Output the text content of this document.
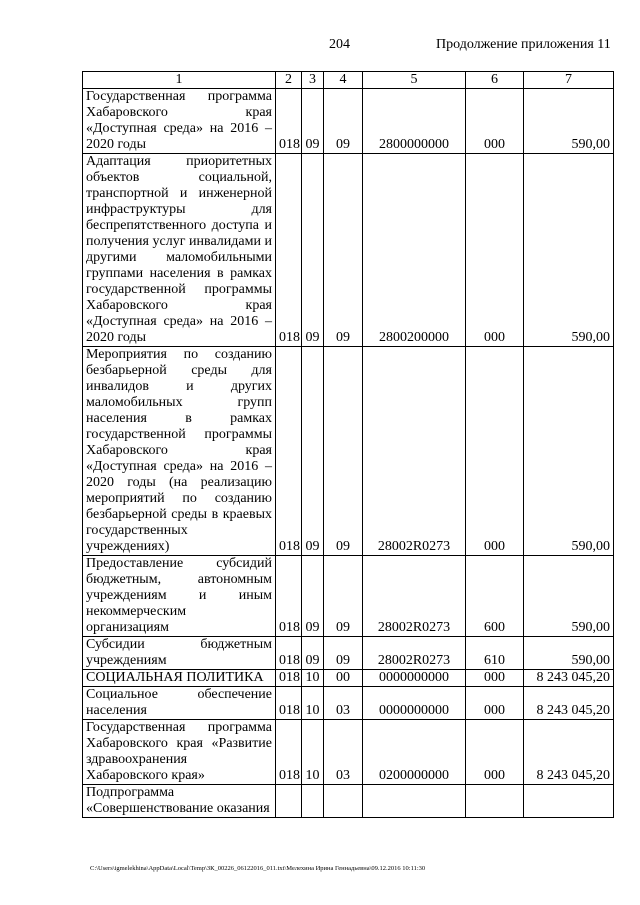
204	Продолжение приложения 11
1	2	3	4	5	6	7
Государственная программа Хабаровского края «Доступная среда» на 2016 – 2020 годы	018	09	09	2800000000	000	590,00
Адаптация приоритетных объектов социальной, транспортной и инженерной инфраструктуры для беспрепятственного доступа и получения услуг инвалидами и другими маломобильными группами населения в рамках государственной программы Хабаровского края «Доступная среда» на 2016 – 2020 годы	018	09	09	2800200000	000	590,00
Мероприятия по созданию безбарьерной среды для инвалидов и других маломобильных групп населения в рамках государственной программы Хабаровского края «Доступная среда» на 2016 – 2020 годы (на реализацию мероприятий по созданию безбарьерной среды в краевых государственных учреждениях)	018	09	09	28002R0273	000	590,00
Предоставление субсидий бюджетным, автономным учреждениям и иным некоммерческим организациям	018	09	09	28002R0273	600	590,00
Субсидии бюджетным учреждениям	018	09	09	28002R0273	610	590,00
СОЦИАЛЬНАЯ ПОЛИТИКА	018	10	00	0000000000	000	8 243 045,20
Социальное обеспечение населения	018	10	03	0000000000	000	8 243 045,20
Государственная программа Хабаровского края «Развитие здравоохранения Хабаровского края»	018	10	03	0200000000	000	8 243 045,20
Подпрограмма «Совершенствование оказания						
C:\Users\igmelekhina\AppData\Local\Temp\ЗК_00226_06122016_011.txt\Мелехина Ирина Геннадьевна\09.12.2016 10:11:30
